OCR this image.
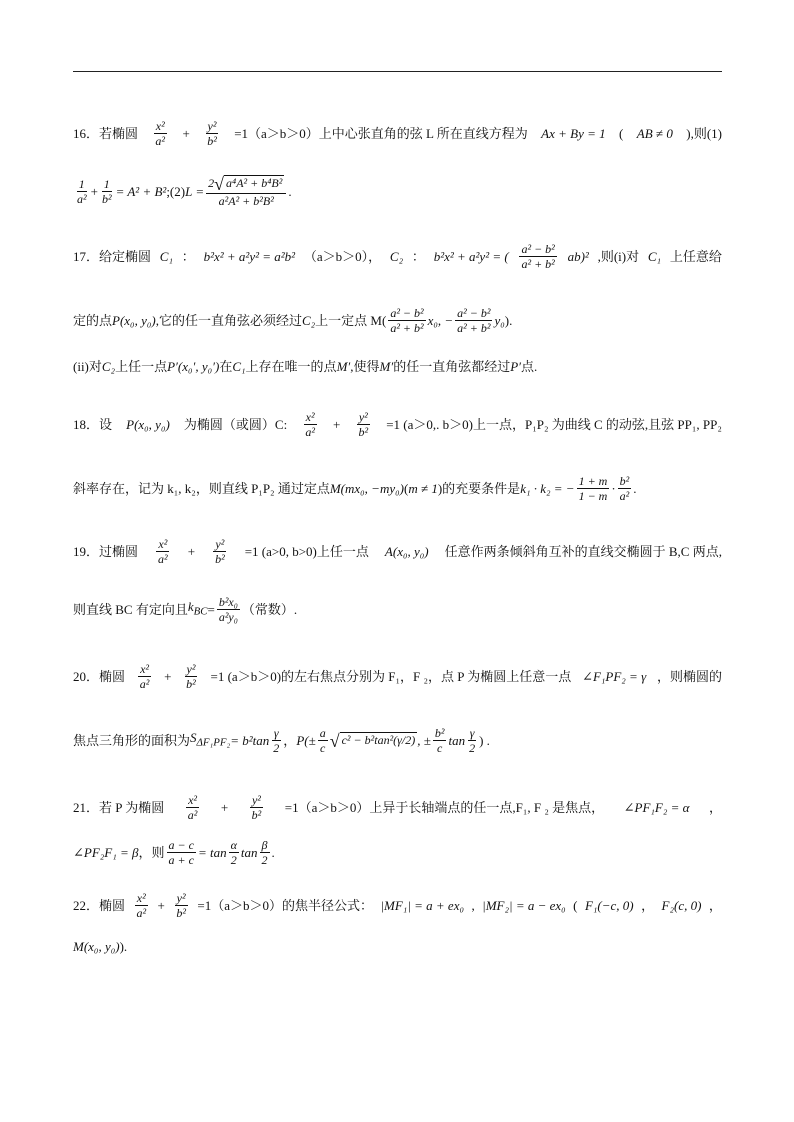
16．若椭圆 $\frac{\text{x²}}{\text{a²}} + \frac{\text{y²}}{\text{b²}} =1(a>b>0)$上中心张直角的弦 L 所在直线方程为 Ax + By = 1 ( AB ≠ 0 ),则(1)
$\frac{1}{\text{a²}} + \frac{1}{\text{b²}} = A^2 + B^2$ ;(2) $L = \frac{\text{2 √ a⁴A² + b⁴B²}}{\text{a²A² + b²B²}}$ .
17．给定椭圆 C₁ ： b²x² + a²y² = a²b² （a＞b＞0）， C₂ ： b²x² + a²y² = ( $\frac{\text{a² − b²}}{\text{a² + b²}} ab)^2$ ,则(i)对 C₁ 上任意给
定的点 P(x₀, y₀) ,它的任一直角弦必须经过 C₂ 上一定点 $M( \frac{\text{a² − b²}}{\text{a² + b²}} x_0$, − $\frac{\text{a² − b²}}{\text{a² + b²}} y_0$ ).
(ii)对 C₂ 上任一点 P′(x₀′, y₀′) 在 C₁ 上存在唯一的点 M′ ,使得 M′ 的任一直角弦都经过 P′ 点.
18．设 P(x₀, y₀) 为椭圆（或圆）C: $\frac{\text{x²}}{\text{a²}} + \frac{\text{y²}}{\text{b²}} =1$ (a＞0,. b＞0)上一点，P₁P₂ 为曲线 C 的动弦,且弦 PP₁, PP₂
斜率存在，记为 k₁, k₂，则直线 P₁P₂ 通过定点 M(mx₀, −my₀) ( m ≠ 1 )的充要条件是 k₁ · k₂ = − $\frac{1 + m}{1 - m} \cdot \frac{\text{b²}}{\text{a²}}$ .
19．过椭圆 $\frac{\text{x²}}{\text{a²}} + \frac{\text{y²}}{\text{b²}} =1$ (a>0, b>0)上任一点 A(x₀, y₀) 任意作两条倾斜角互补的直线交椭圆于 B,C 两点,
则直线 BC 有定向且 $k_{BC} = \frac{\text{b²x₀}}{\text{a²y₀}}$ （常数）.
20．椭圆 $\frac{\text{x²}}{\text{a²}} + \frac{\text{y²}}{\text{b²}} =1$ (a＞b＞0)的左右焦点分别为 F₁，F ₂，点 P 为椭圆上任意一点 ∠F₁PF₂ = γ ，则椭圆的
焦点三角形的面积为 $S_{\Delta F_1PF_2} = b^2\tan \frac{\gamma}{2}$ ， $P(\pm \frac{a}{c}$ √ c² − b²tan²(γ/2) , ± $\frac{\text{b²}}{c}$ $\tan \frac{\gamma}{2}$ ) .
21．若 P 为椭圆 $\frac{\text{x²}}{\text{a²}} + \frac{\text{y²}}{\text{b²}} =1(a>b>0)$上异于长轴端点的任一点,F₁, F ₂ 是焦点， ∠PF₁F₂ = α ，
∠PF₂F₁ = β ，则 $\frac{a - c}{a + c} = \tan \frac{\alpha}{2}$ $\tan \frac{\beta}{2}$ .
22．椭圆 $\frac{\text{x²}}{\text{a²}} + \frac{\text{y²}}{\text{b²}} =1(a>b>0)$的焦半径公式： |MF₁| = a + ex₀ , |MF₂| = a − ex₀ ( F₁(−c, 0) ， F₂(c, 0) ，
M(x₀, y₀) ).
